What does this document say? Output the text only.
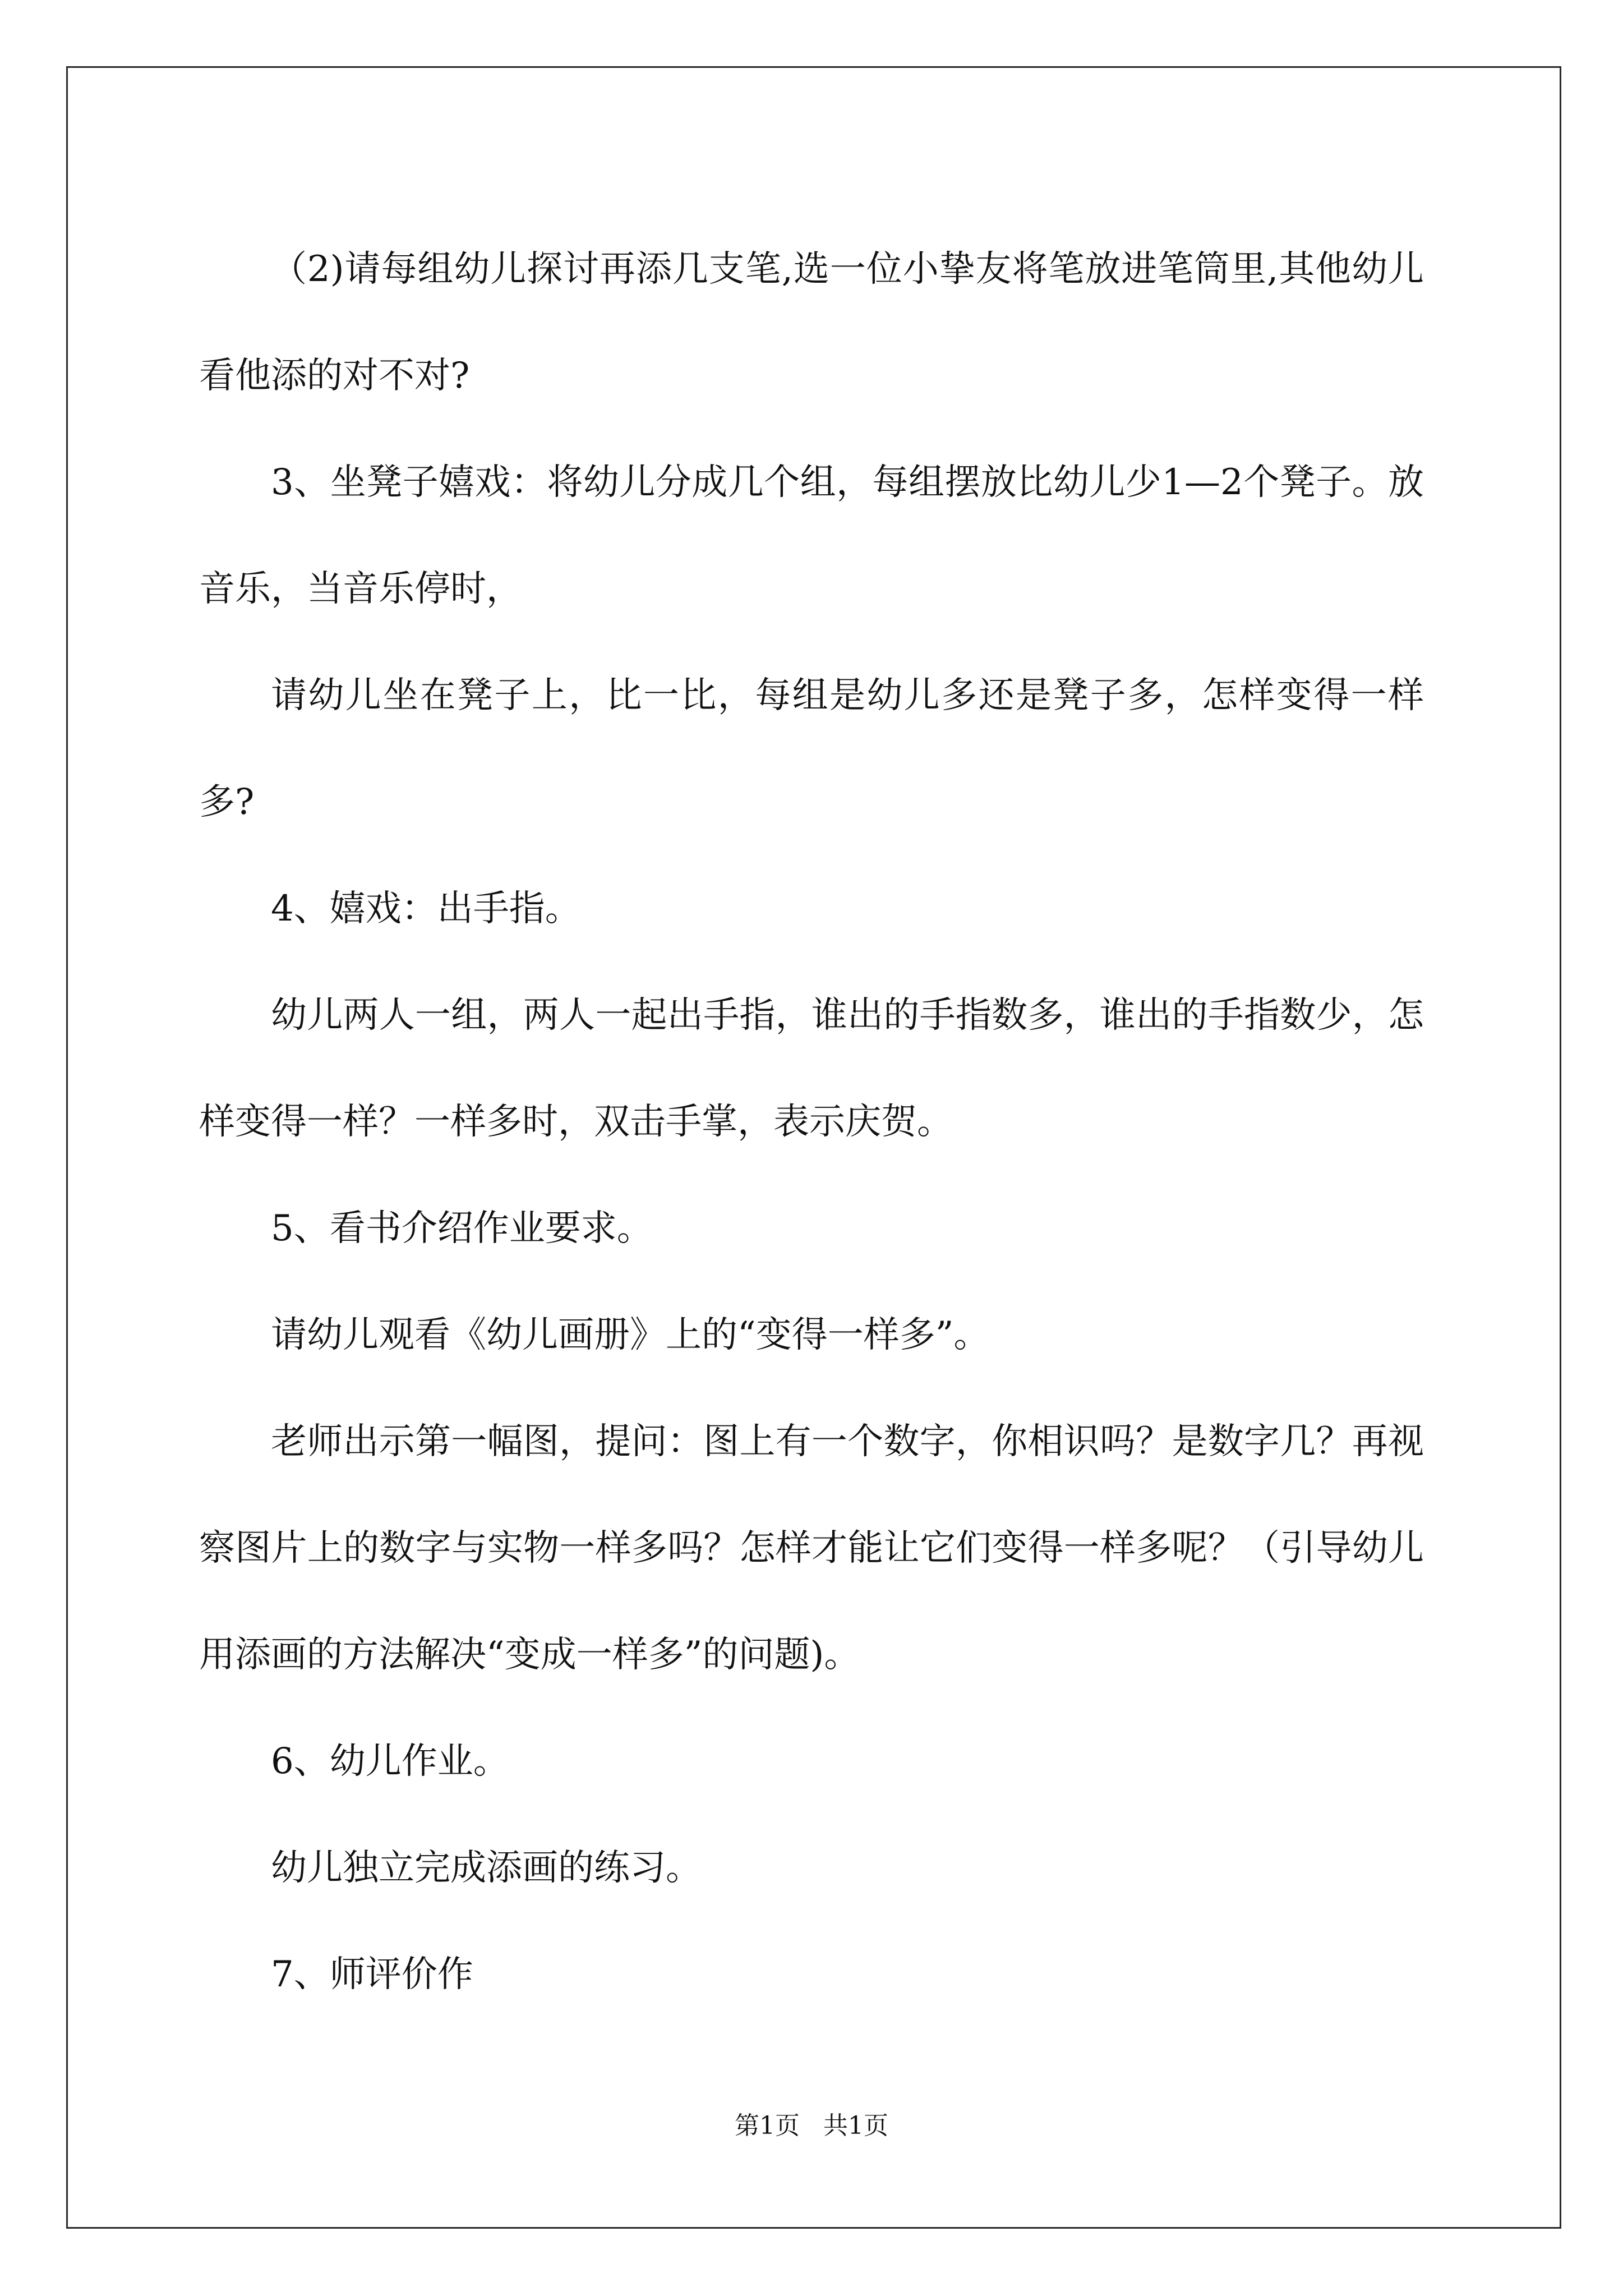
（2)请每组幼儿探讨再添几支笔,选一位小挚友将笔放进笔筒里,其他幼儿看他添的对不对?

3、坐凳子嬉戏：将幼儿分成几个组，每组摆放比幼儿少1—2个凳子。放音乐，当音乐停时，

请幼儿坐在凳子上，比一比，每组是幼儿多还是凳子多，怎样变得一样多?

4、嬉戏：出手指。

幼儿两人一组，两人一起出手指，谁出的手指数多，谁出的手指数少，怎样变得一样？一样多时，双击手掌，表示庆贺。

5、看书介绍作业要求。

请幼儿观看《幼儿画册》上的“变得一样多”。

老师出示第一幅图，提问：图上有一个数字，你相识吗？是数字几？再视察图片上的数字与实物一样多吗？怎样才能让它们变得一样多呢？（引导幼儿用添画的方法解决“变成一样多”的问题)。

6、幼儿作业。

幼儿独立完成添画的练习。

7、师评价作

第1页 共1页
